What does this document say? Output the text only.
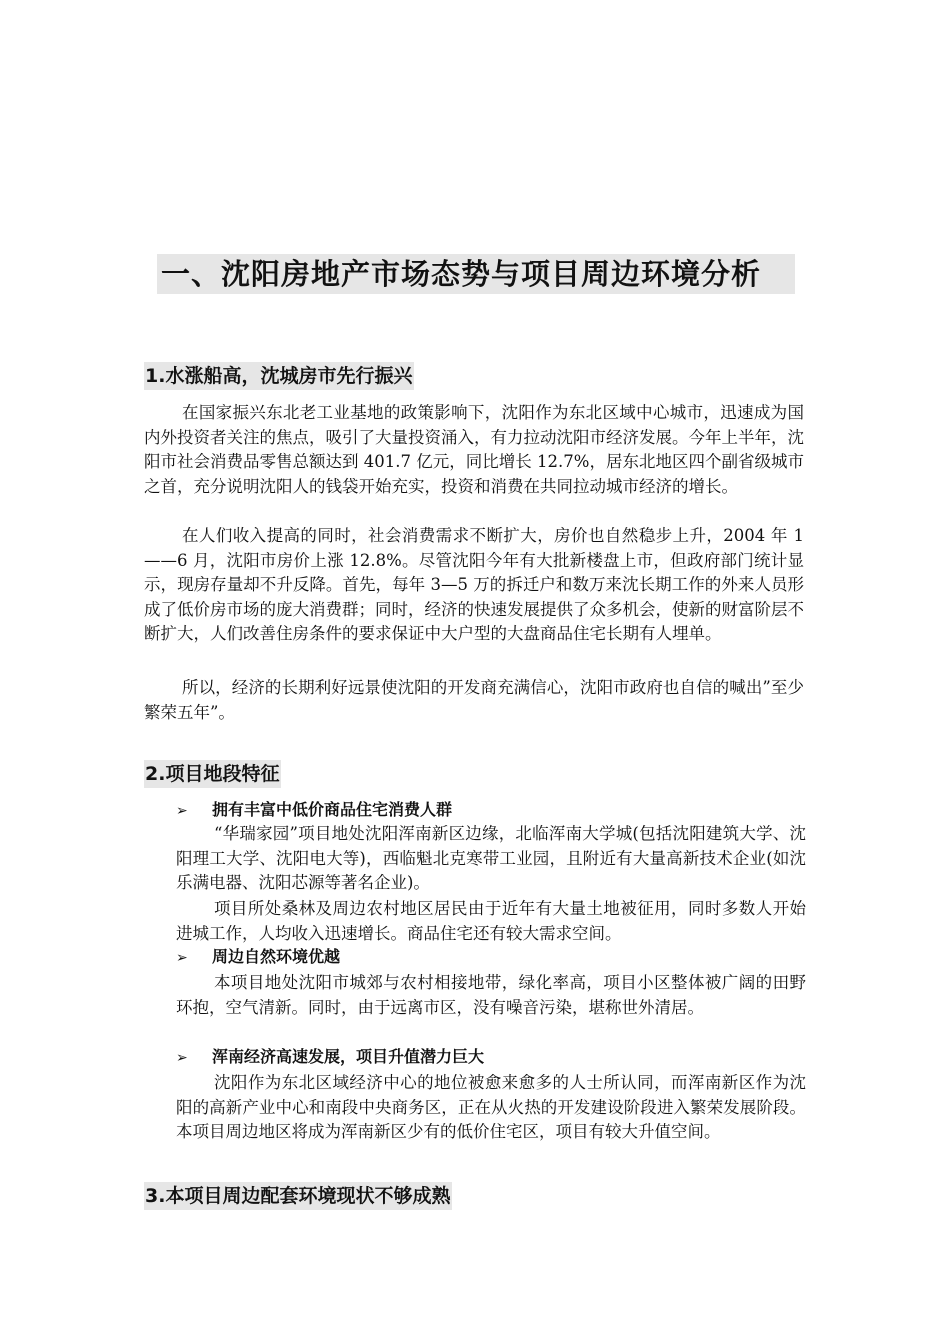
一、沈阳房地产市场态势与项目周边环境分析
1.水涨船高，沈城房市先行振兴

在国家振兴东北老工业基地的政策影响下，沈阳作为东北区域中心城市，迅速成为国内外投资者关注的焦点，吸引了大量投资涌入，有力拉动沈阳市经济发展。今年上半年，沈阳市社会消费品零售总额达到 401.7 亿元，同比增长 12.7%，居东北地区四个副省级城市之首，充分说明沈阳人的钱袋开始充实，投资和消费在共同拉动城市经济的增长。

在人们收入提高的同时，社会消费需求不断扩大，房价也自然稳步上升，2004 年 1——6 月，沈阳市房价上涨 12.8%。尽管沈阳今年有大批新楼盘上市，但政府部门统计显示，现房存量却不升反降。首先，每年 3—5 万的拆迁户和数万来沈长期工作的外来人员形成了低价房市场的庞大消费群；同时，经济的快速发展提供了众多机会，使新的财富阶层不断扩大，人们改善住房条件的要求保证中大户型的大盘商品住宅长期有人埋单。

所以，经济的长期利好远景使沈阳的开发商充满信心，沈阳市政府也自信的喊出”至少繁荣五年”。

2.项目地段特征
➢ 拥有丰富中低价商品住宅消费人群

“华瑞家园”项目地处沈阳浑南新区边缘，北临浑南大学城(包括沈阳建筑大学、沈阳理工大学、沈阳电大等)，西临魁北克寒带工业园，且附近有大量高新技术企业(如沈乐满电器、沈阳芯源等著名企业)。

项目所处桑林及周边农村地区居民由于近年有大量土地被征用，同时多数人开始进城工作，人均收入迅速增长。商品住宅还有较大需求空间。

➢ 周边自然环境优越

本项目地处沈阳市城郊与农村相接地带，绿化率高，项目小区整体被广阔的田野环抱，空气清新。同时，由于远离市区，没有噪音污染，堪称世外清居。

➢ 浑南经济高速发展，项目升值潜力巨大

沈阳作为东北区域经济中心的地位被愈来愈多的人士所认同，而浑南新区作为沈阳的高新产业中心和南段中央商务区，正在从火热的开发建设阶段进入繁荣发展阶段。本项目周边地区将成为浑南新区少有的低价住宅区，项目有较大升值空间。

3.本项目周边配套环境现状不够成熟
